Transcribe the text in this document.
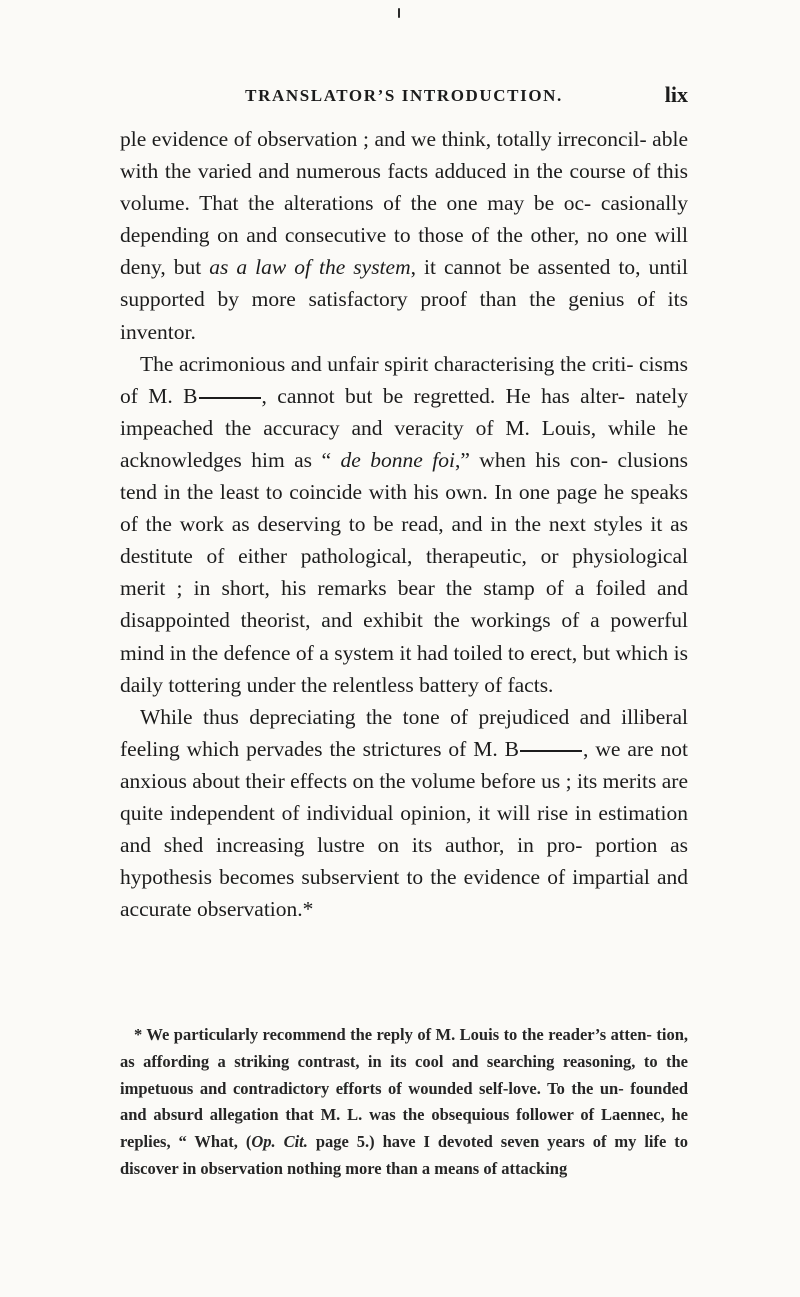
TRANSLATOR’S INTRODUCTION.	lix

ple evidence of observation ; and we think, totally irreconcil- able with the varied and numerous facts adduced in the course of this volume. That the alterations of the one may be oc- casionally depending on and consecutive to those of the other, no one will deny, but as a law of the system, it cannot be assented to, until supported by more satisfactory proof than the genius of its inventor.

The acrimonious and unfair spirit characterising the criti- cisms of M. B	, cannot but be regretted. He has alter- nately impeached the accuracy and veracity of M. Louis, while he acknowledges him as “ de bonne foi,” when his con- clusions tend in the least to coincide with his own. In one page he speaks of the work as deserving to be read, and in the next styles it as destitute of either pathological, therapeutic, or physiological merit ; in short, his remarks bear the stamp of a foiled and disappointed theorist, and exhibit the workings of a powerful mind in the defence of a system it had toiled to erect, but which is daily tottering under the relentless battery of facts.

While thus depreciating the tone of prejudiced and illiberal feeling which pervades the strictures of M. B	, we are not anxious about their effects on the volume before us ; its merits are quite independent of individual opinion, it will rise in estimation and shed increasing lustre on its author, in pro- portion as hypothesis becomes subservient to the evidence of impartial and accurate observation.*

* We particularly recommend the reply of M. Louis to the reader’s atten- tion, as affording a striking contrast, in its cool and searching reasoning, to the impetuous and contradictory efforts of wounded self-love. To the un- founded and absurd allegation that M. L. was the obsequious follower of Laennec, he replies, “ What, (Op. Cit. page 5.) have I devoted seven years of my life to discover in observation nothing more than a means of attacking
